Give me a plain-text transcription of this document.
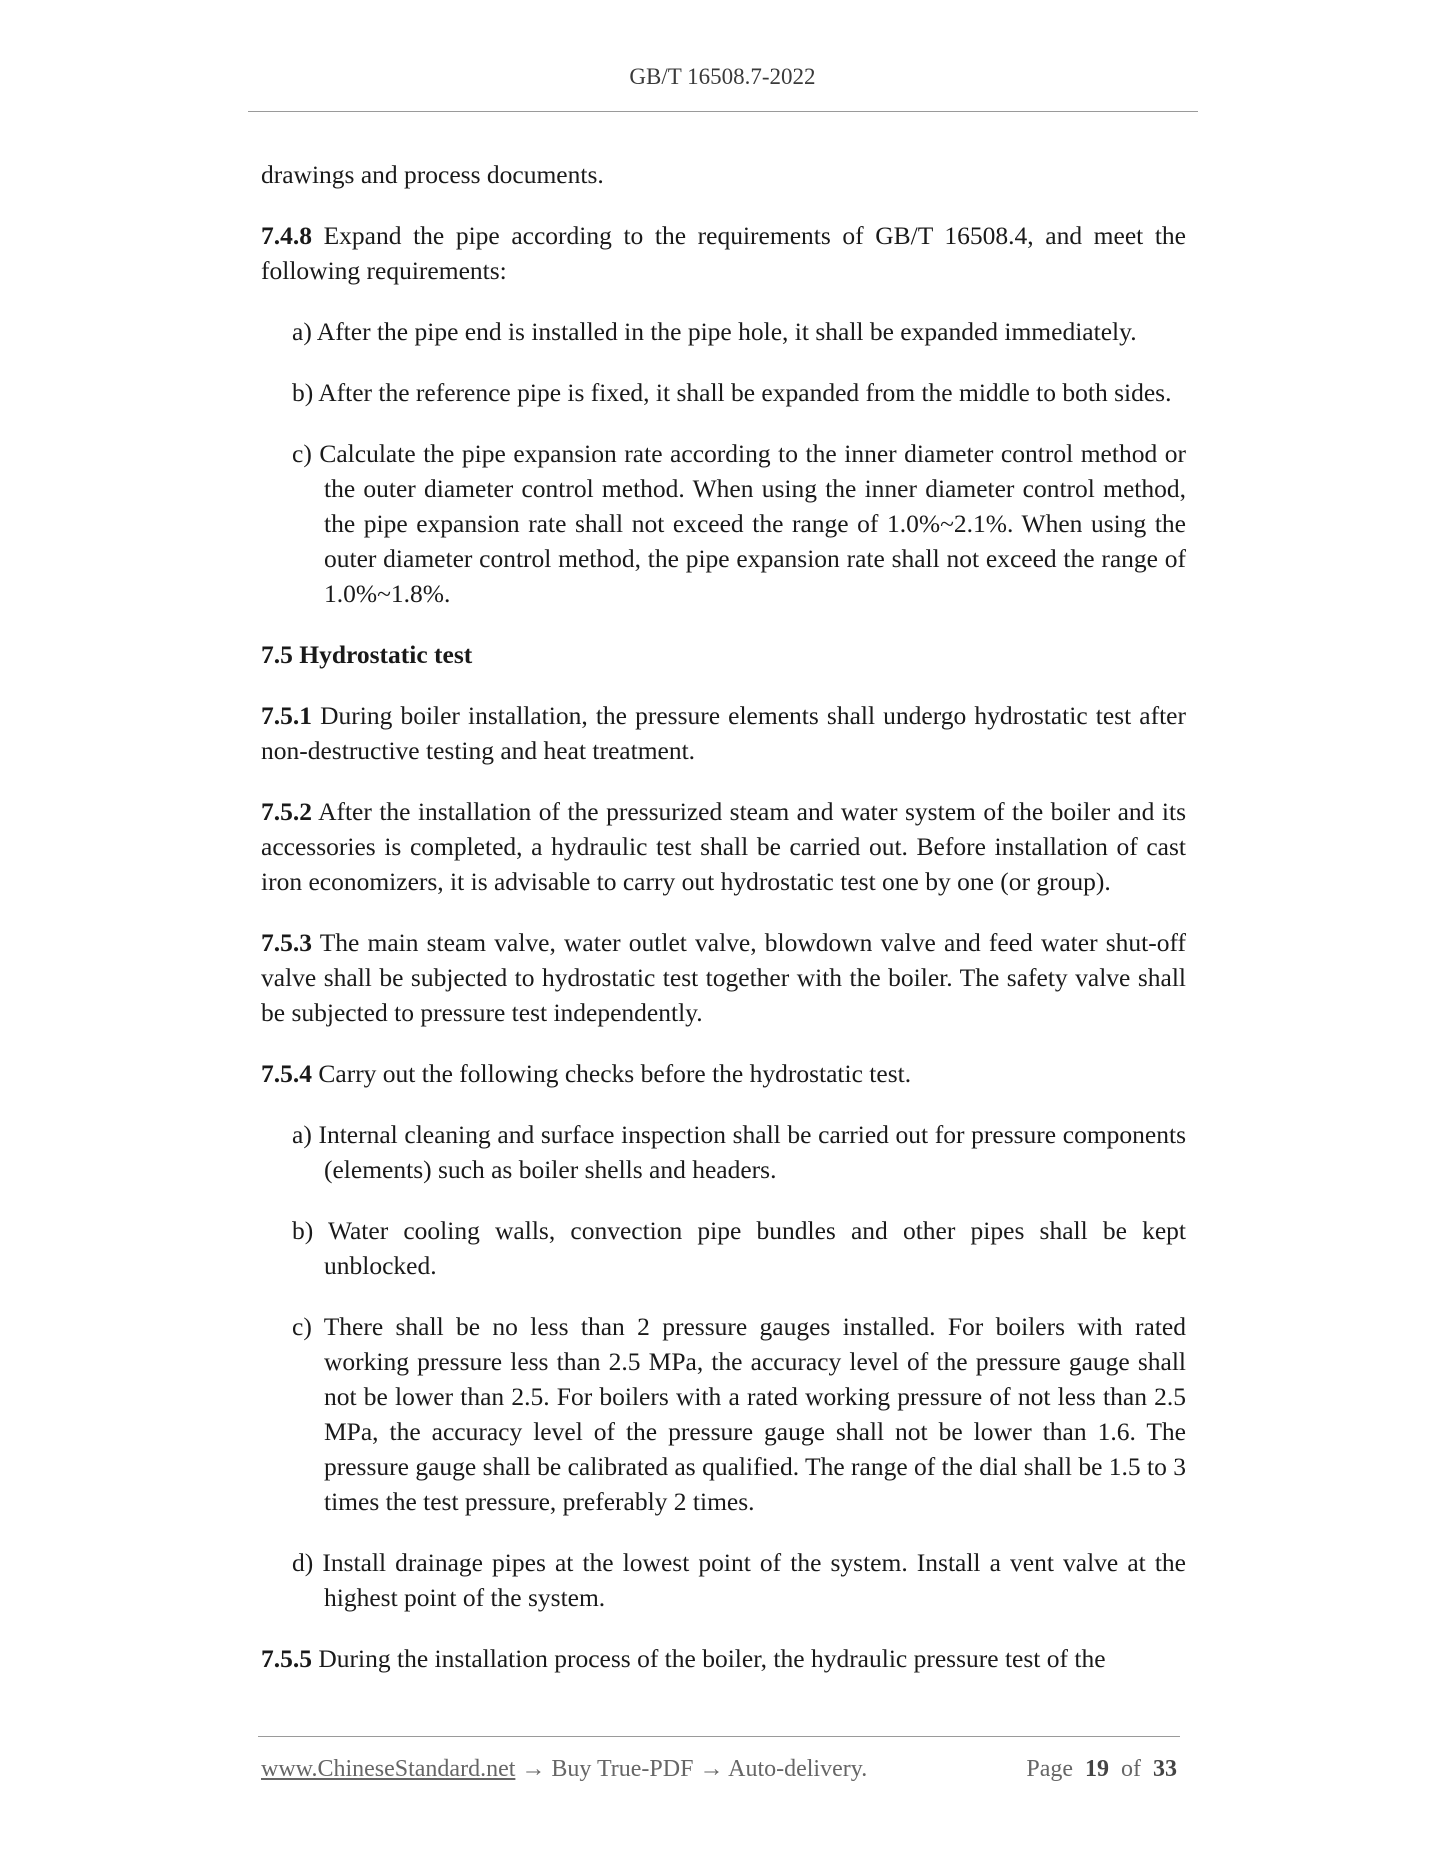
GB/T 16508.7-2022

drawings and process documents.

7.4.8 Expand the pipe according to the requirements of GB/T 16508.4, and meet the following requirements:

a) After the pipe end is installed in the pipe hole, it shall be expanded immediately.

b) After the reference pipe is fixed, it shall be expanded from the middle to both sides.

c) Calculate the pipe expansion rate according to the inner diameter control method or the outer diameter control method. When using the inner diameter control method, the pipe expansion rate shall not exceed the range of 1.0%~2.1%. When using the outer diameter control method, the pipe expansion rate shall not exceed the range of 1.0%~1.8%.

7.5 Hydrostatic test

7.5.1 During boiler installation, the pressure elements shall undergo hydrostatic test after non-destructive testing and heat treatment.

7.5.2 After the installation of the pressurized steam and water system of the boiler and its accessories is completed, a hydraulic test shall be carried out. Before installation of cast iron economizers, it is advisable to carry out hydrostatic test one by one (or group).

7.5.3 The main steam valve, water outlet valve, blowdown valve and feed water shut-off valve shall be subjected to hydrostatic test together with the boiler. The safety valve shall be subjected to pressure test independently.

7.5.4 Carry out the following checks before the hydrostatic test.

a) Internal cleaning and surface inspection shall be carried out for pressure components (elements) such as boiler shells and headers.

b) Water cooling walls, convection pipe bundles and other pipes shall be kept unblocked.

c) There shall be no less than 2 pressure gauges installed. For boilers with rated working pressure less than 2.5 MPa, the accuracy level of the pressure gauge shall not be lower than 2.5. For boilers with a rated working pressure of not less than 2.5 MPa, the accuracy level of the pressure gauge shall not be lower than 1.6. The pressure gauge shall be calibrated as qualified. The range of the dial shall be 1.5 to 3 times the test pressure, preferably 2 times.

d) Install drainage pipes at the lowest point of the system. Install a vent valve at the highest point of the system.

7.5.5 During the installation process of the boiler, the hydraulic pressure test of the

www.ChineseStandard.net → Buy True-PDF → Auto-delivery.	Page 19 of 33
